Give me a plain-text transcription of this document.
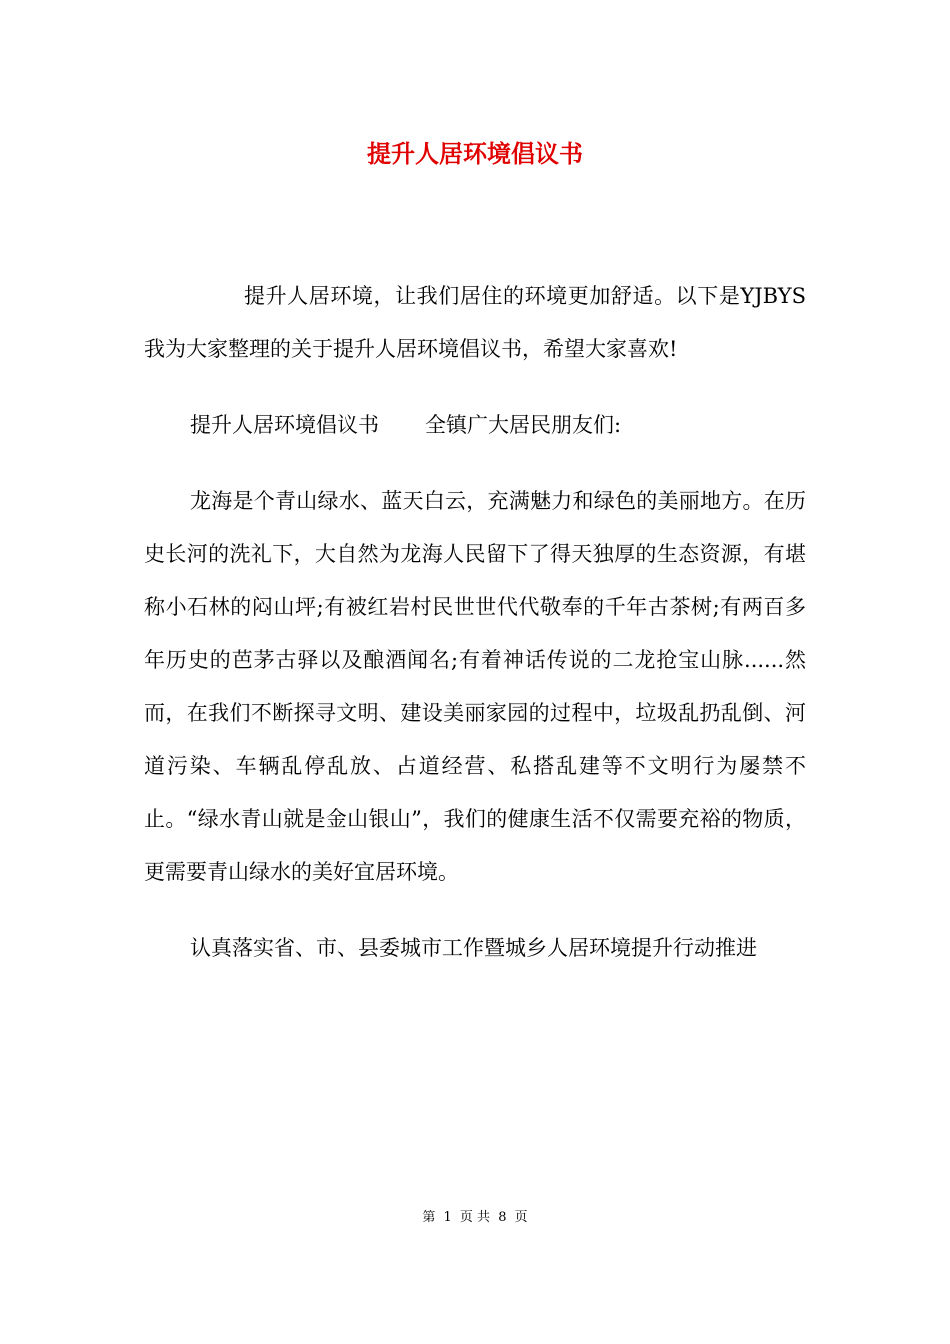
提升人居环境倡议书

提升人居环境，让我们居住的环境更加舒适。以下是YJBYS我为大家整理的关于提升人居环境倡议书，希望大家喜欢!

提升人居环境倡议书 全镇广大居民朋友们:

龙海是个青山绿水、蓝天白云，充满魅力和绿色的美丽地方。在历史长河的洗礼下，大自然为龙海人民留下了得天独厚的生态资源，有堪称小石林的闷山坪;有被红岩村民世世代代敬奉的千年古茶树;有两百多年历史的芭茅古驿以及酿酒闻名;有着神话传说的二龙抢宝山脉......然而，在我们不断探寻文明、建设美丽家园的过程中，垃圾乱扔乱倒、河道污染、车辆乱停乱放、占道经营、私搭乱建等不文明行为屡禁不止。“绿水青山就是金山银山”，我们的健康生活不仅需要充裕的物质，更需要青山绿水的美好宜居环境。

认真落实省、市、县委城市工作暨城乡人居环境提升行动推进

第 1 页 共 8 页
